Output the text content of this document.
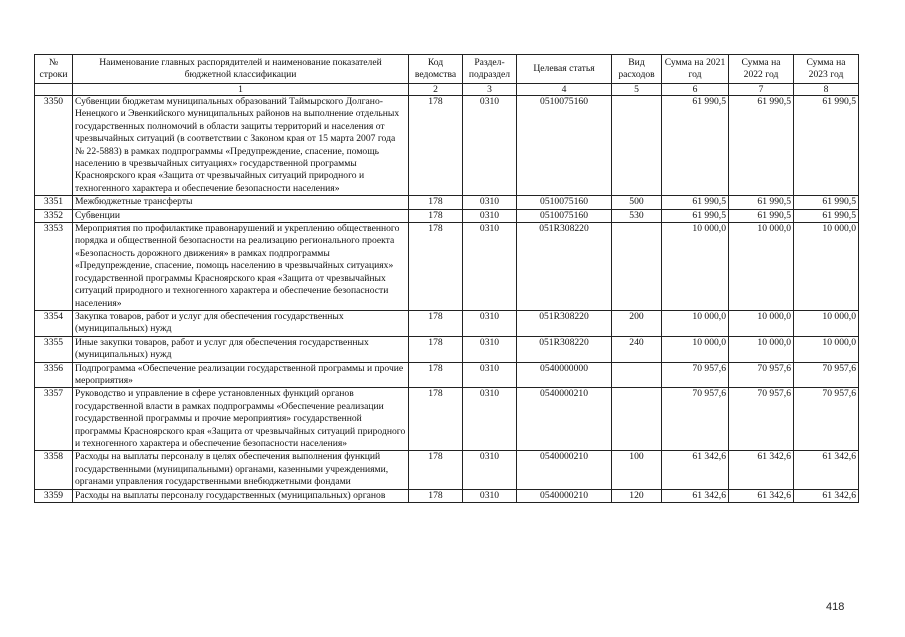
№ строки	Наименование главных распорядителей и наименование показателей бюджетной классификации	Код ведомства	Раздел-подраздел	Целевая статья	Вид расходов	Сумма на 2021 год	Сумма на 2022 год	Сумма на 2023 год
	1	2	3	4	5	6	7	8
3350	Субвенции бюджетам муниципальных образований Таймырского Долгано-Ненецкого и Эвенкийского муниципальных районов на выполнение отдельных государственных полномочий в области защиты территорий и населения от чрезвычайных ситуаций (в соответствии с Законом края от 15 марта 2007 года № 22-5883) в рамках подпрограммы «Предупреждение, спасение, помощь населению в чрезвычайных ситуациях» государственной программы Красноярского края «Защита от чрезвычайных ситуаций природного и техногенного характера и обеспечение безопасности населения»	178	0310	0510075160		61 990,5	61 990,5	61 990,5
3351	Межбюджетные трансферты	178	0310	0510075160	500	61 990,5	61 990,5	61 990,5
3352	Субвенции	178	0310	0510075160	530	61 990,5	61 990,5	61 990,5
3353	Мероприятия по профилактике правонарушений и укреплению общественного порядка и общественной безопасности на реализацию регионального проекта «Безопасность дорожного движения» в рамках подпрограммы «Предупреждение, спасение, помощь населению в чрезвычайных ситуациях» государственной программы Красноярского края «Защита от чрезвычайных ситуаций природного и техногенного характера и обеспечение безопасности населения»	178	0310	051R308220		10 000,0	10 000,0	10 000,0
3354	Закупка товаров, работ и услуг для обеспечения государственных (муниципальных) нужд	178	0310	051R308220	200	10 000,0	10 000,0	10 000,0
3355	Иные закупки товаров, работ и услуг для обеспечения государственных (муниципальных) нужд	178	0310	051R308220	240	10 000,0	10 000,0	10 000,0
3356	Подпрограмма «Обеспечение реализации государственной программы и прочие мероприятия»	178	0310	0540000000		70 957,6	70 957,6	70 957,6
3357	Руководство и управление в сфере установленных функций органов государственной власти в рамках подпрограммы «Обеспечение реализации государственной программы и прочие мероприятия» государственной программы Красноярского края «Защита от чрезвычайных ситуаций природного и техногенного характера и обеспечение безопасности населения»	178	0310	0540000210		70 957,6	70 957,6	70 957,6
3358	Расходы на выплаты персоналу в целях обеспечения выполнения функций государственными (муниципальными) органами, казенными учреждениями, органами управления государственными внебюджетными фондами	178	0310	0540000210	100	61 342,6	61 342,6	61 342,6
3359	Расходы на выплаты персоналу государственных (муниципальных) органов	178	0310	0540000210	120	61 342,6	61 342,6	61 342,6
418
